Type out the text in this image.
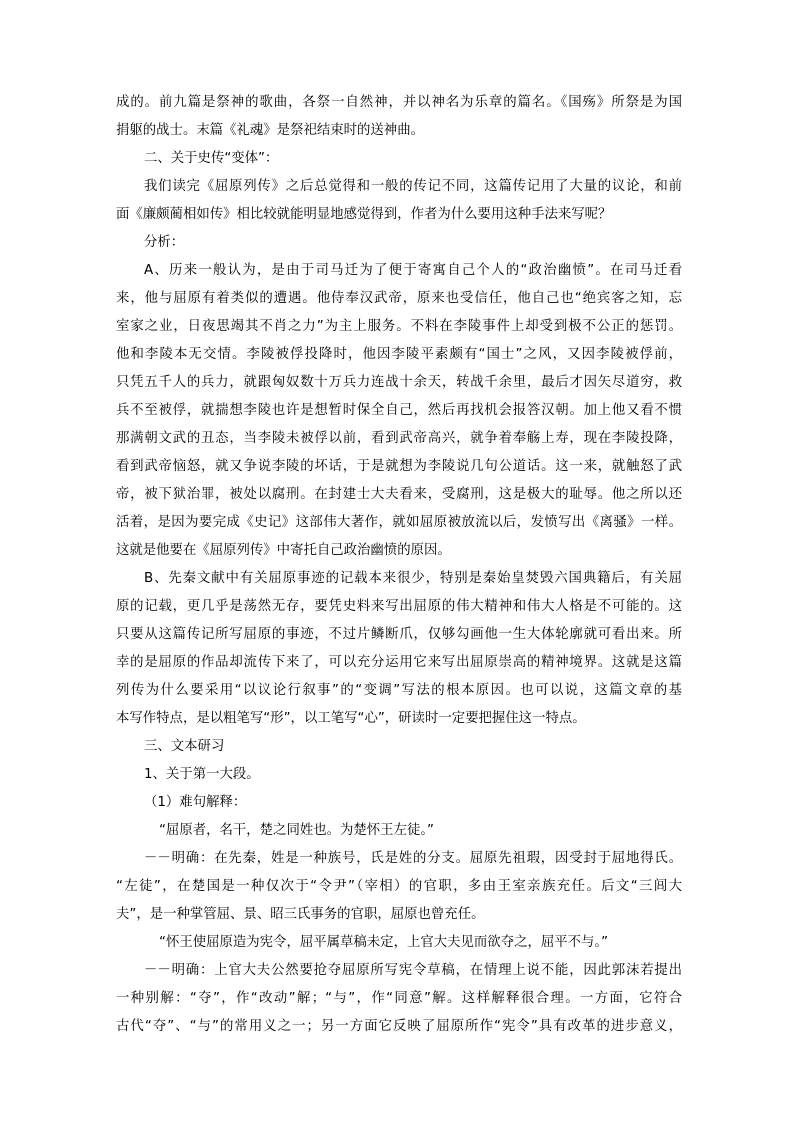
成的。前九篇是祭神的歌曲，各祭一自然神，并以神名为乐章的篇名。《国殇》所祭是为国
捐躯的战士。末篇《礼魂》是祭祀结束时的送神曲。
二、关于史传“变体”：
我们读完《屈原列传》之后总觉得和一般的传记不同，这篇传记用了大量的议论，和前
面《廉颇蔺相如传》相比较就能明显地感觉得到，作者为什么要用这种手法来写呢？
分析：
A、历来一般认为，是由于司马迁为了便于寄寓自己个人的“政治幽愤”。在司马迁看
来，他与屈原有着类似的遭遇。他侍奉汉武帝，原来也受信任，他自己也“绝宾客之知，忘
室家之业，日夜思竭其不肖之力”为主上服务。不料在李陵事件上却受到极不公正的惩罚。
他和李陵本无交情。李陵被俘投降时，他因李陵平素颇有“国士”之风，又因李陵被俘前，
只凭五千人的兵力，就跟匈奴数十万兵力连战十余天，转战千余里，最后才因矢尽道穷，救
兵不至被俘，就揣想李陵也许是想暂时保全自己，然后再找机会报答汉朝。加上他又看不惯
那满朝文武的丑态，当李陵未被俘以前，看到武帝高兴，就争着奉觞上寿，现在李陵投降，
看到武帝恼怒，就又争说李陵的坏话，于是就想为李陵说几句公道话。这一来，就触怒了武
帝，被下狱治罪，被处以腐刑。在封建士大夫看来，受腐刑，这是极大的耻辱。他之所以还
活着，是因为要完成《史记》这部伟大著作，就如屈原被放流以后，发愤写出《离骚》一样。
这就是他要在《屈原列传》中寄托自己政治幽愤的原因。
B、先秦文献中有关屈原事迹的记载本来很少，特别是秦始皇焚毁六国典籍后，有关屈
原的记载，更几乎是荡然无存，要凭史料来写出屈原的伟大精神和伟大人格是不可能的。这
只要从这篇传记所写屈原的事迹，不过片鳞断爪，仅够勾画他一生大体轮廓就可看出来。所
幸的是屈原的作品却流传下来了，可以充分运用它来写出屈原崇高的精神境界。这就是这篇
列传为什么要采用“以议论行叙事”的“变调”写法的根本原因。也可以说，这篇文章的基
本写作特点，是以粗笔写“形”，以工笔写“心”，研读时一定要把握住这一特点。
三、文本研习
1、关于第一大段。
（1）难句解释：
“屈原者，名干，楚之同姓也。为楚怀王左徒。”
－－明确：在先秦，姓是一种族号，氏是姓的分支。屈原先祖瑕，因受封于屈地得氏。
“左徒”，在楚国是一种仅次于“令尹”（宰相）的官职，多由王室亲族充任。后文“三闾大
夫”，是一种掌管屈、景、昭三氏事务的官职，屈原也曾充任。
“怀王使屈原造为宪令，屈平属草稿未定，上官大夫见而欲夺之，屈平不与。”
－－明确：上官大夫公然要抢夺屈原所写宪令草稿，在情理上说不能，因此郭沫若提出
一种别解：“夺”，作“改动”解；“与”，作“同意”解。这样解释很合理。一方面，它符合
古代“夺”、“与”的常用义之一；另一方面它反映了屈原所作“宪令”具有改革的进步意义，
